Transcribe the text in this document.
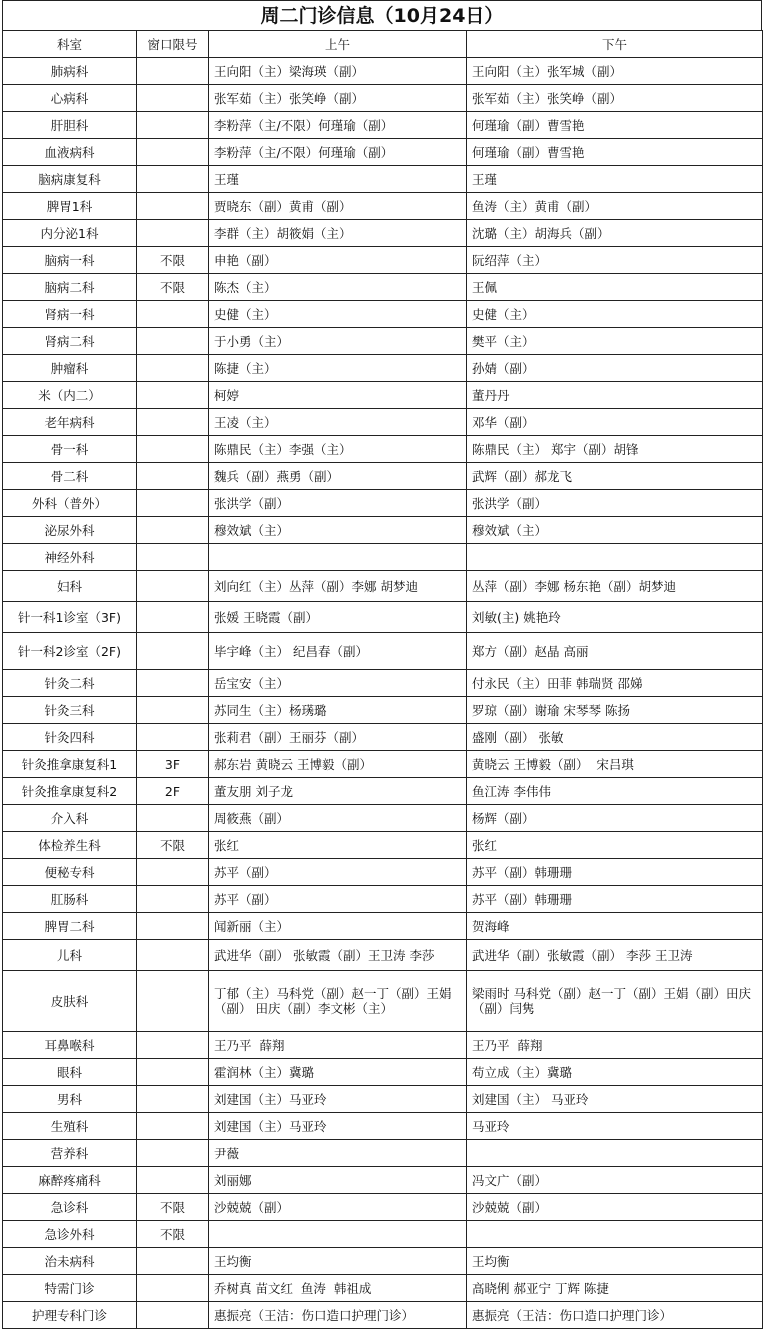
周二门诊信息（10月24日）
科室	窗口限号	上午	下午
肺病科		王向阳（主）梁海瑛（副）	王向阳（主）张军城（副）
心病科		张军茹（主）张笑峥（副）	张军茹（主）张笑峥（副）
肝胆科		李粉萍（主/不限）何瑾瑜（副）	何瑾瑜（副）曹雪艳
血液病科		李粉萍（主/不限）何瑾瑜（副）	何瑾瑜（副）曹雪艳
脑病康复科		王瑾	王瑾
脾胃1科		贾晓东（副）黄甫（副）	鱼涛（主）黄甫（副）
内分泌1科		李群（主）胡筱娟（主）	沈璐（主）胡海兵（副）
脑病一科	不限	申艳（副）	阮绍萍（主）
脑病二科	不限	陈杰（主）	王佩
肾病一科		史健（主）	史健（主）
肾病二科		于小勇（主）	樊平（主）
肿瘤科		陈捷（主）	孙婧（副）
米（内二）		柯婷	董丹丹
老年病科		王凌（主）	邓华（副）
骨一科		陈鼎民（主）李强（主）	陈鼎民（主） 郑宇（副）胡锋
骨二科		魏兵（副）燕勇（副）	武辉（副）郝龙飞
外科（普外）		张洪学（副）	张洪学（副）
泌尿外科		穆效斌（主）	穆效斌（主）
神经外科			
妇科		刘向红（主）丛萍（副）李娜 胡梦迪	丛萍（副）李娜 杨东艳（副）胡梦迪
针一科1诊室（3F)		张媛 王晓霞（副）	刘敏(主) 姚艳玲
针一科2诊室（2F)		毕宇峰（主） 纪昌春（副）	郑方（副）赵晶 高丽
针灸二科		岳宝安（主）	付永民（主）田菲 韩瑞贤 邵娣
针灸三科		苏同生（主）杨璓璐	罗琼（副）谢瑜 宋琴琴 陈扬
针灸四科		张莉君（副）王丽芬（副）	盛刚（副） 张敏
针灸推拿康复科1	3F	郝东岩 黄晓云 王博毅（副）	黄晓云 王博毅（副）  宋吕琪
针灸推拿康复科2	2F	董友朋 刘子龙	鱼江涛 李伟伟
介入科		周筱燕（副）	杨辉（副）
体检养生科	不限	张红	张红
便秘专科		苏平（副）	苏平（副）韩珊珊
肛肠科		苏平（副）	苏平（副）韩珊珊
脾胃二科		闻新丽（主）	贺海峰
儿科		武进华（副） 张敏霞（副）王卫涛 李莎	武进华（副）张敏霞（副） 李莎 王卫涛
皮肤科		丁郁（主）马科党（副）赵一丁（副）王娟（副） 田庆（副）李文彬（主）	梁雨时 马科党（副）赵一丁（副）王娟（副）田庆（副）闫隽
耳鼻喉科		王乃平  薛翔	王乃平  薛翔
眼科		霍润林（主）冀璐	苟立成（主）冀璐
男科		刘建国（主）马亚玲	刘建国（主） 马亚玲
生殖科		刘建国（主）马亚玲	马亚玲
营养科		尹薇	
麻醉疼痛科		刘丽娜	冯文广（副）
急诊科	不限	沙兢兢（副）	沙兢兢（副）
急诊外科	不限		
治未病科		王均衡	王均衡
特需门诊		乔树真 苗文红  鱼涛  韩祖成	高晓俐 郝亚宁 丁辉 陈捷
护理专科门诊		惠振亮（王洁：伤口造口护理门诊）	惠振亮（王洁：伤口造口护理门诊）
